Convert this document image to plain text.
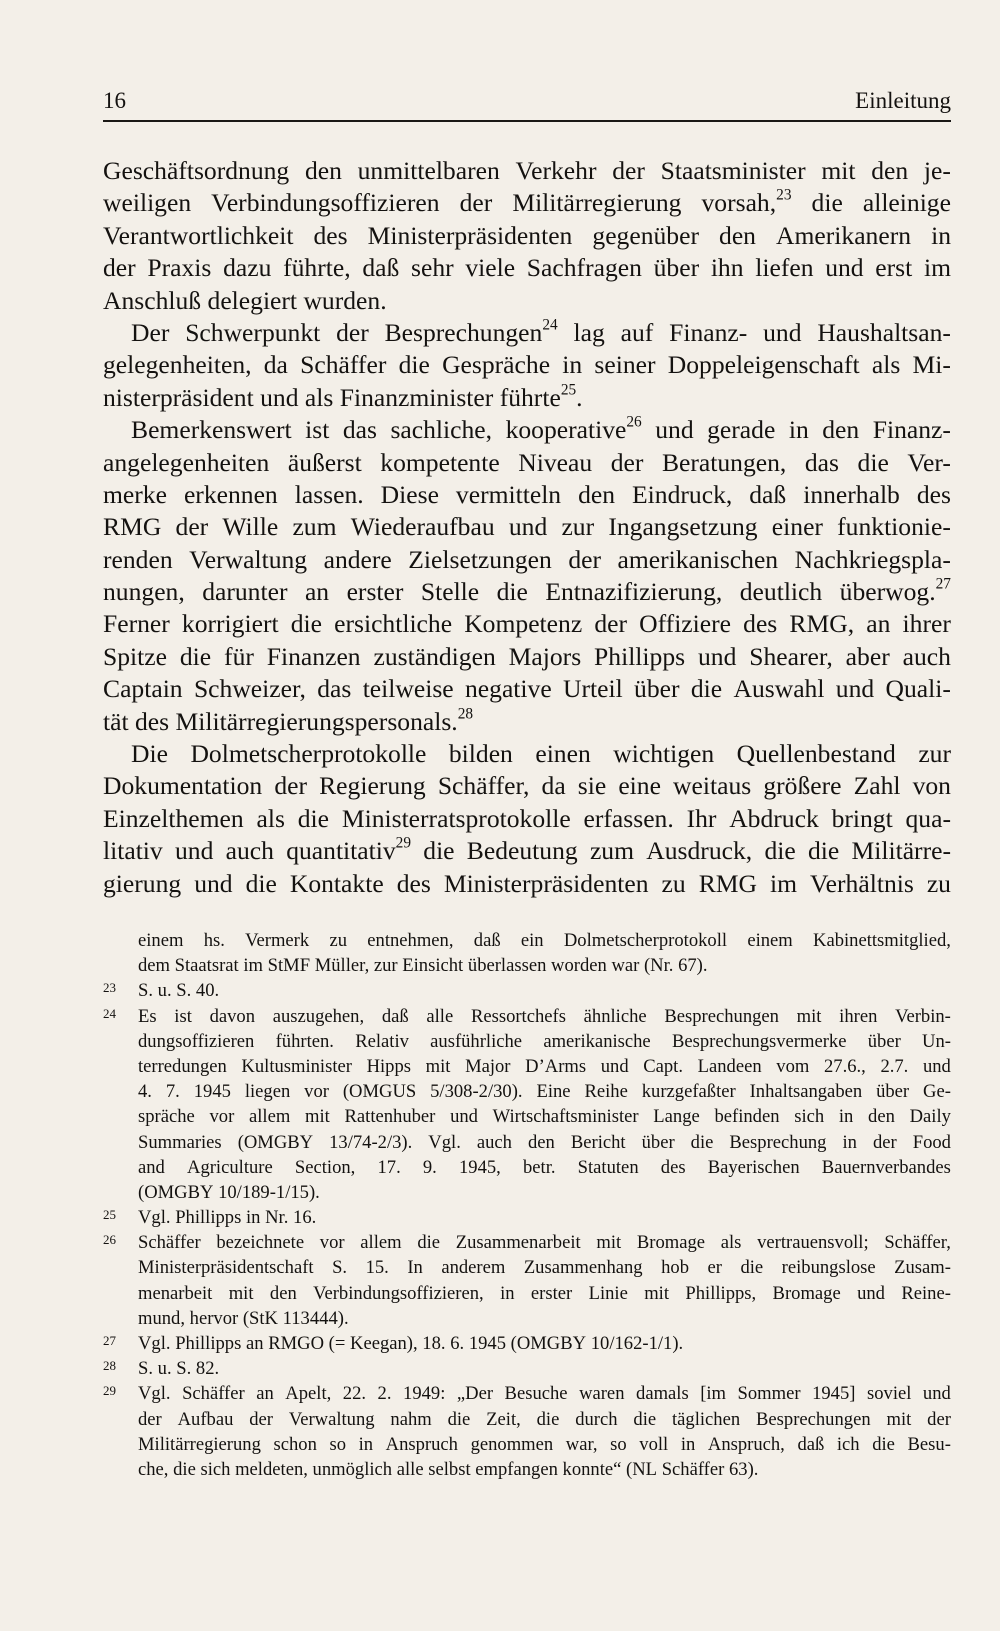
16	Einleitung
Geschäftsordnung den unmittelbaren Verkehr der Staatsminister mit den je-
weiligen Verbindungsoffizieren der Militärregierung vorsah,$^{23}$ die alleinige
Verantwortlichkeit des Ministerpräsidenten gegenüber den Amerikanern in
der Praxis dazu führte, daß sehr viele Sachfragen über ihn liefen und erst im
Anschluß
delegiert
wurden.
Der Schwerpunkt der Besprechungen$^{24}$ lag auf Finanz- und Haushaltsan-
gelegenheiten, da Schäffer die Gespräche in seiner Doppeleigenschaft als Mi-
nisterpräsident
und
als
Finanzminister
führte$^{25}$.
Bemerkenswert ist das sachliche, kooperative$^{26}$ und gerade in den Finanz-
angelegenheiten äußerst kompetente Niveau der Beratungen, das die Ver-
merke erkennen lassen. Diese vermitteln den Eindruck, daß innerhalb des
RMG der Wille zum Wiederaufbau und zur Ingangsetzung einer funktionie-
renden Verwaltung andere Zielsetzungen der amerikanischen Nachkriegspla-
nungen, darunter an erster Stelle die Entnazifizierung, deutlich überwog.$^{27}$
Ferner korrigiert die ersichtliche Kompetenz der Offiziere des RMG, an ihrer
Spitze die für Finanzen zuständigen Majors Phillipps und Shearer, aber auch
Captain Schweizer, das teilweise negative Urteil über die Auswahl und Quali-
tät
des
Militärregierungspersonals.$^{28}$
Die Dolmetscherprotokolle bilden einen wichtigen Quellenbestand zur
Dokumentation der Regierung Schäffer, da sie eine weitaus größere Zahl von
Einzelthemen als die Ministerratsprotokolle erfassen. Ihr Abdruck bringt qua-
litativ und auch quantitativ$^{29}$ die Bedeutung zum Ausdruck, die die Militärre-
gierung und die Kontakte des Ministerpräsidenten zu RMG im Verhältnis zu
einem hs. Vermerk zu entnehmen, daß ein Dolmetscherprotokoll einem Kabinettsmitglied,
dem
Staatsrat
im
StMF
Müller,
zur
Einsicht
überlassen
worden
war
(Nr.
67).
23 S.
u.
S.
40.
24 Es ist davon auszugehen, daß alle Ressortchefs ähnliche Besprechungen mit ihren Verbin-
dungsoffizieren führten. Relativ ausführliche amerikanische Besprechungsvermerke über Un-
terredungen Kultusminister Hipps mit Major D’Arms und Capt. Landeen vom 27.6., 2.7. und
4. 7. 1945 liegen vor (OMGUS 5/308-2/30). Eine Reihe kurzgefaßter Inhaltsangaben über Ge-
spräche vor allem mit Rattenhuber und Wirtschaftsminister Lange befinden sich in den Daily
Summaries (OMGBY 13/74-2/3). Vgl. auch den Bericht über die Besprechung in der Food
and Agriculture Section, 17. 9. 1945, betr. Statuten des Bayerischen Bauernverbandes
(OMGBY
10/189-1/15).
25 Vgl.
Phillipps
in
Nr.
16.
26 Schäffer bezeichnete vor allem die Zusammenarbeit mit Bromage als vertrauensvoll; Schäffer,
Ministerpräsidentschaft S. 15. In anderem Zusammenhang hob er die reibungslose Zusam-
menarbeit mit den Verbindungsoffizieren, in erster Linie mit Phillipps, Bromage und Reine-
mund,
hervor
(StK
113444).
27 Vgl.
Phillipps
an
RMGO
(=
Keegan),
18.
6.
1945
(OMGBY
10/162-1/1).
28 S.
u.
S.
82.
29 Vgl. Schäffer an Apelt, 22. 2. 1949: „Der Besuche waren damals [im Sommer 1945] soviel und
der Aufbau der Verwaltung nahm die Zeit, die durch die täglichen Besprechungen mit der
Militärregierung schon so in Anspruch genommen war, so voll in Anspruch, daß ich die Besu-
che,
die
sich
meldeten,
unmöglich
alle
selbst
empfangen
konnte“
(NL
Schäffer
63).
